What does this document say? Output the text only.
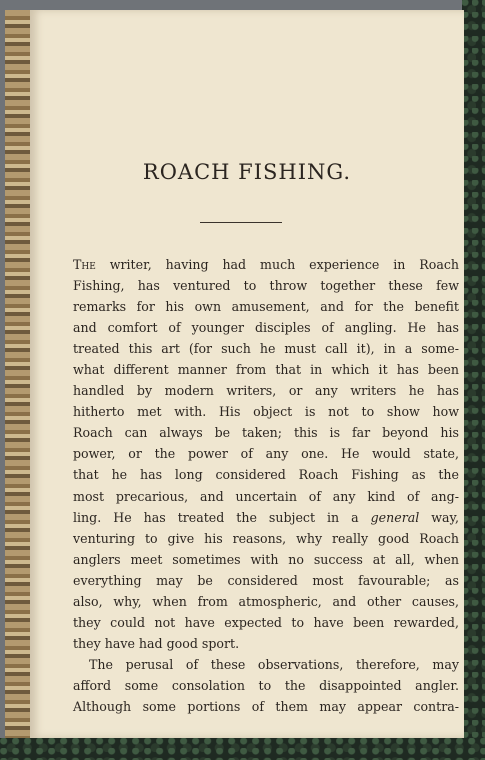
ROACH FISHING.
The writer, having had much experience in Roach
Fishing, has ventured to throw together these few
remarks for his own amusement, and for the benefit
and comfort of younger disciples of angling. He has
treated this art (for such he must call it), in a some-
what different manner from that in which it has been
handled by modern writers, or any writers he has
hitherto met with. His object is not to show how
Roach can always be taken; this is far beyond his
power, or the power of any one. He would state,
that he has long considered Roach Fishing as the
most precarious, and uncertain of any kind of ang-
ling. He has treated the subject in a general way,
venturing to give his reasons, why really good Roach
anglers meet sometimes with no success at all, when
everything may be considered most favourable; as
also, why, when from atmospheric, and other causes,
they could not have expected to have been rewarded,
they have had good sport.
The perusal of these observations, therefore, may
afford some consolation to the disappointed angler.
Although some portions of them may appear contra-
